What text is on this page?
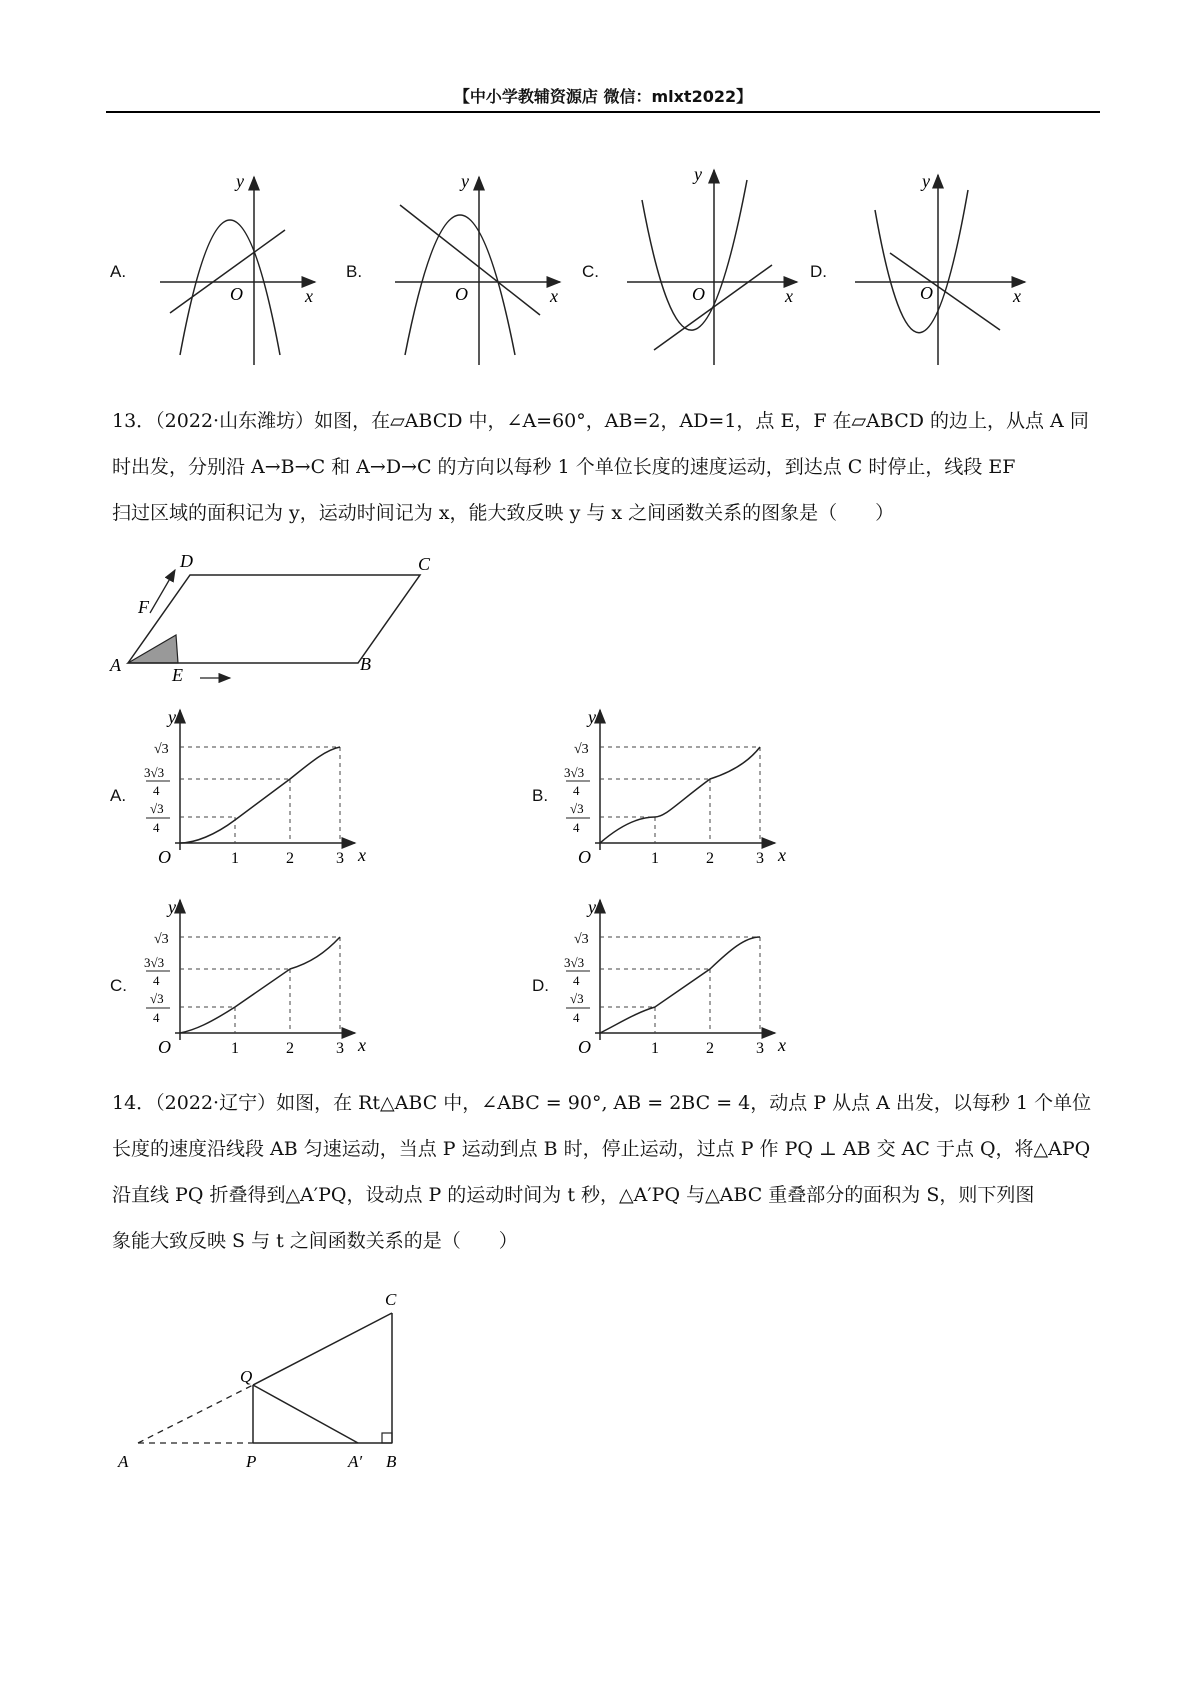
【中小学教辅资源店 微信：mlxt2022】
A.	B.	C.	D.
O	x
y
O	x
y
O	x
y
O	x
y
13．（2022·山东潍坊）如图，在▱ABCD 中，∠A=60°，AB=2，AD=1，点 E，F 在▱ABCD 的边上，从点 A 同
时出发，分别沿 A→B→C 和 A→D→C 的方向以每秒 1 个单位长度的速度运动，到达点 C 时停止，线段 EF
扫过区域的面积记为 y，运动时间记为 x，能大致反映 y 与 x 之间函数关系的图象是（　　）
A	B
C
D
E
F
A.	B.
C.	D.
x
y
O	1	2	3
√3
3√3
4
√3
4
x
y
O	1	2	3
√3
3√3
4
√3
4
x
y
O	1	2	3
√3
3√3
4
√3
4
x
y
O	1	2	3
√3
3√3
4
√3
4
14．（2022·辽宁）如图，在 Rt△ABC 中，∠ABC = 90°, AB = 2BC = 4，动点 P 从点 A 出发，以每秒 1 个单位
长度的速度沿线段 AB 匀速运动，当点 P 运动到点 B 时，停止运动，过点 P 作 PQ ⊥ AB 交 AC 于点 Q，将△APQ
沿直线 PQ 折叠得到△A′PQ，设动点 P 的运动时间为 t 秒，△A′PQ 与△ABC 重叠部分的面积为 S，则下列图
象能大致反映 S 与 t 之间函数关系的是（　　）
A	P	A′ B
C
Q
